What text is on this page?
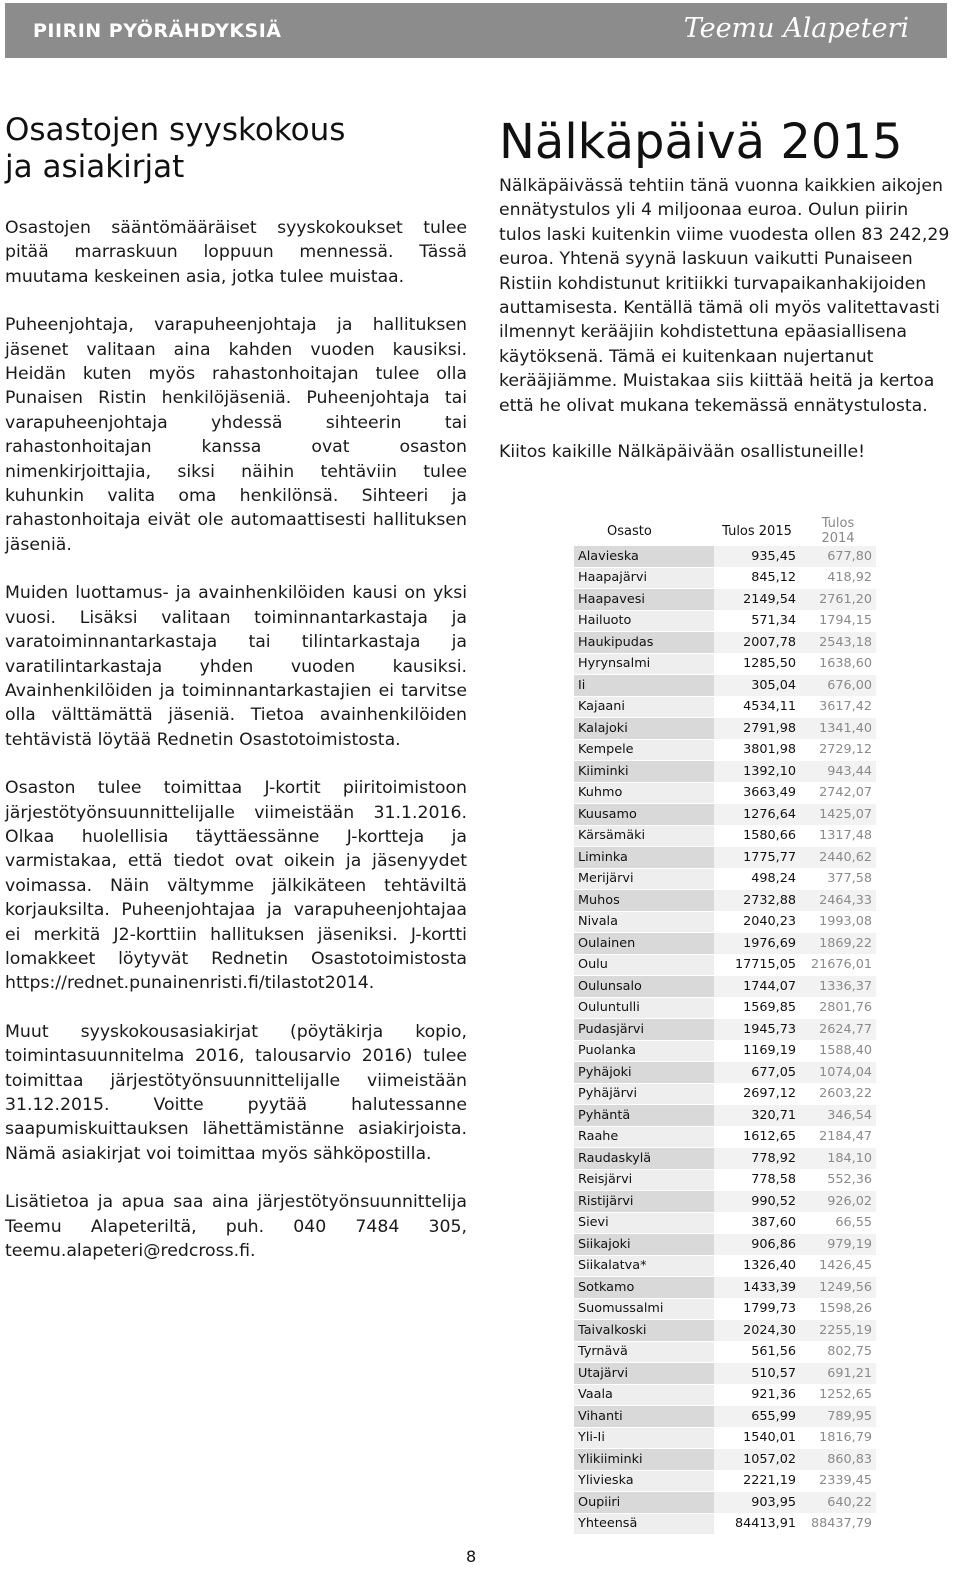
PIIRIN PYÖRÄHDYKSIÄ	Teemu Alapeteri
Osastojen syyskokous
ja asiakirjat

Osastojen sääntömääräiset syyskokoukset tulee pitää marraskuun loppuun mennessä. Tässä muutama keskeinen asia, jotka tulee muistaa.

Puheenjohtaja, varapuheenjohtaja ja hallituksen jäsenet valitaan aina kahden vuoden kausiksi. Heidän kuten myös rahastonhoitajan tulee olla Punaisen Ristin henkilöjäseniä. Puheenjohtaja tai varapuheenjohtaja yhdessä sihteerin tai rahastonhoitajan kanssa ovat osaston nimenkirjoittajia, siksi näihin tehtäviin tulee kuhunkin valita oma henkilönsä. Sihteeri ja rahastonhoitaja eivät ole automaattisesti hallituksen jäseniä.

Muiden luottamus- ja avainhenkilöiden kausi on yksi vuosi. Lisäksi valitaan toiminnantarkastaja ja varatoiminnantarkastaja tai tilintarkastaja ja varatilintarkastaja yhden vuoden kausiksi. Avainhenkilöiden ja toiminnantarkastajien ei tarvitse olla välttämättä jäseniä. Tietoa avainhenkilöiden tehtävistä löytää Rednetin Osastotoimistosta.

Osaston tulee toimittaa J-kortit piiritoimistoon järjestötyönsuunnittelijalle viimeistään 31.1.2016. Olkaa huolellisia täyttäessänne J-kortteja ja varmistakaa, että tiedot ovat oikein ja jäsenyydet voimassa. Näin vältymme jälkikäteen tehtäviltä korjauksilta. Puheenjohtajaa ja varapuheenjohtajaa ei merkitä J2-korttiin hallituksen jäseniksi. J-kortti lomakkeet löytyvät Rednetin Osastotoimistosta https://rednet.punainenristi.fi/tilastot2014.

Muut syyskokousasiakirjat (pöytäkirja kopio, toimintasuunnitelma 2016, talousarvio 2016) tulee toimittaa järjestötyönsuunnittelijalle viimeistään 31.12.2015. Voitte pyytää halutessanne saapumiskuittauksen lähettämistänne asiakirjoista. Nämä asiakirjat voi toimittaa myös sähköpostilla.

Lisätietoa ja apua saa aina järjestötyönsuunnittelija Teemu Alapeteriltä, puh. 040 7484 305, teemu.alapeteri@redcross.fi.

Nälkäpäivä 2015

Nälkäpäivässä tehtiin tänä vuonna kaikkien aikojen ennätystulos yli 4 miljoonaa euroa. Oulun piirin tulos laski kuitenkin viime vuodesta ollen 83 242,29 euroa. Yhtenä syynä laskuun vaikutti Punaiseen Ristiin kohdistunut kritiikki turvapaikanhakijoiden auttamisesta. Kentällä tämä oli myös valitettavasti ilmennyt kerääjiin kohdistettuna epäasiallisena käytöksenä. Tämä ei kuitenkaan nujertanut kerääjiämme. Muistakaa siis kiittää heitä ja kertoa että he olivat mukana tekemässä ennätystulosta.

Kiitos kaikille Nälkäpäivään osallistuneille!

Osasto	Tulos 2015	Tulos 2014
Alavieska	935,45	677,80
Haapajärvi	845,12	418,92
Haapavesi	2149,54	2761,20
Hailuoto	571,34	1794,15
Haukipudas	2007,78	2543,18
Hyrynsalmi	1285,50	1638,60
Ii	305,04	676,00
Kajaani	4534,11	3617,42
Kalajoki	2791,98	1341,40
Kempele	3801,98	2729,12
Kiiminki	1392,10	943,44
Kuhmo	3663,49	2742,07
Kuusamo	1276,64	1425,07
Kärsämäki	1580,66	1317,48
Liminka	1775,77	2440,62
Merijärvi	498,24	377,58
Muhos	2732,88	2464,33
Nivala	2040,23	1993,08
Oulainen	1976,69	1869,22
Oulu	17715,05	21676,01
Oulunsalo	1744,07	1336,37
Ouluntulli	1569,85	2801,76
Pudasjärvi	1945,73	2624,77
Puolanka	1169,19	1588,40
Pyhäjoki	677,05	1074,04
Pyhäjärvi	2697,12	2603,22
Pyhäntä	320,71	346,54
Raahe	1612,65	2184,47
Raudaskylä	778,92	184,10
Reisjärvi	778,58	552,36
Ristijärvi	990,52	926,02
Sievi	387,60	66,55
Siikajoki	906,86	979,19
Siikalatva*	1326,40	1426,45
Sotkamo	1433,39	1249,56
Suomussalmi	1799,73	1598,26
Taivalkoski	2024,30	2255,19
Tyrnävä	561,56	802,75
Utajärvi	510,57	691,21
Vaala	921,36	1252,65
Vihanti	655,99	789,95
Yli-Ii	1540,01	1816,79
Ylikiiminki	1057,02	860,83
Ylivieska	2221,19	2339,45
Oupiiri	903,95	640,22
Yhteensä	84413,91	88437,79
8
